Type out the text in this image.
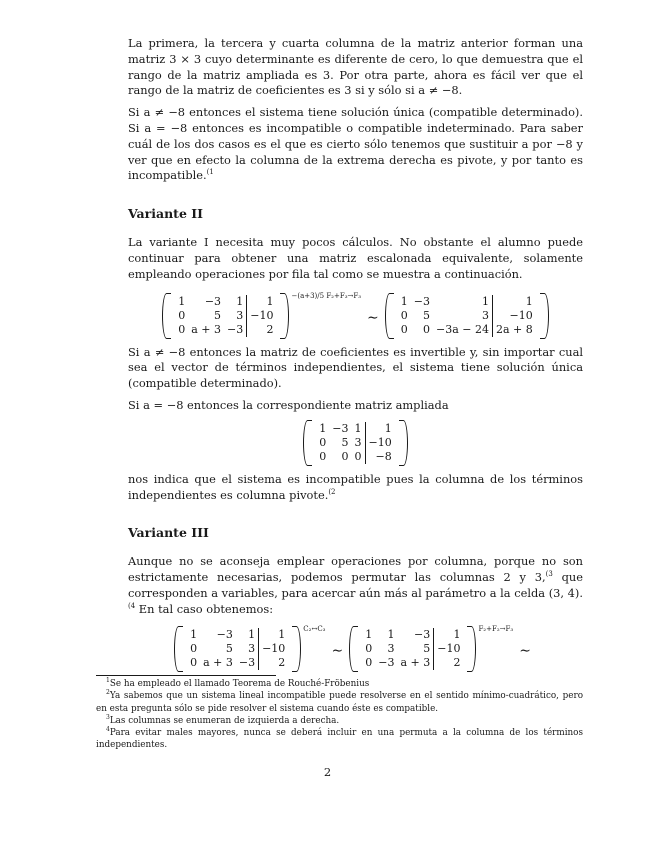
La primera, la tercera y cuarta columna de la matriz anterior forman una matriz 3 × 3 cuyo determinante es diferente de cero, lo que demuestra que el rango de la matriz ampliada es 3. Por otra parte, ahora es fácil ver que el rango de la matriz de coeficientes es 3 si y sólo si a ≠ −8.

Si a ≠ −8 entonces el sistema tiene solución única (compatible determinado). Si a = −8 entonces es incompatible o compatible indeterminado. Para saber cuál de los dos casos es el que es cierto sólo tenemos que sustituir a por −8 y ver que en efecto la columna de la extrema derecha es pivote, y por tanto es incompatible.$^{(1}$

Variante II

La variante I necesita muy pocos cálculos. No obstante el alumno puede continuar para obtener una matriz escalonada equivalente, solamente empleando operaciones por fila tal como se muestra a continuación.

1	−3	1	1
0	5	3	−10
0	a + 3	−3	2
−(a+3)/5 F₂+F₃→F₃
∼
1	−3	1	1
0	5	3	−10
0	0	−3a − 24	2a + 8

Si a ≠ −8 entonces la matriz de coeficientes es invertible y, sin importar cual sea el vector de términos independientes, el sistema tiene solución única (compatible determinado).

Si a = −8 entonces la correspondiente matriz ampliada

1	−3	1	1
0	5	3	−10
0	0	0	−8

nos indica que el sistema es incompatible pues la columna de los términos independientes es columna pivote.$^{(2}$

Variante III

Aunque no se aconseja emplear operaciones por columna, porque no son estrictamente necesarias, podemos permutar las columnas 2 y 3,$^{(3}$ que corresponden a variables, para acercar aún más al parámetro a la celda (3, 4).$^{(4}$ En tal caso obtenemos:

1	−3	1	1
0	5	3	−10
0	a + 3	−3	2
C₂↔C₃
∼
1	1	−3	1
0	3	5	−10
0	−3	a + 3	2
F₂+F₂→F₃
∼
$^1$Se ha empleado el llamado Teorema de Rouché-Fröbenius
$^2$Ya sabemos que un sistema lineal incompatible puede resolverse en el sentido mínimo-cuadrático, pero en esta pregunta sólo se pide resolver el sistema cuando éste es compatible.
$^3$Las columnas se enumeran de izquierda a derecha.
$^4$Para evitar males mayores, nunca se deberá incluir en una permuta a la columna de los términos independientes.
2
